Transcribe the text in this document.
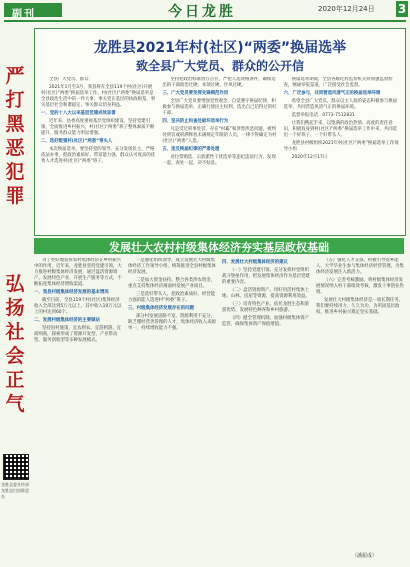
副刊	今日龙胜	2020年12月24日 3
严
打
黑
恶
犯
罪
弘
扬
社
会
正
气
龙胜县委宣传部 龙胜县扫黑除恶办
龙胜县2021年村(社区)“两委”换届选举
致全县广大党员、群众的公开信

全县广大党员、群众：

2021年1月至3月，我县将在全县119个村(社区)开展村(社区)“两委”换届选举工作。村(社区)“两委”换届选举是全县政治生活中的一件大事，事关党在基层的执政根基，事关基层社会和谐稳定，事关群众切身利益。

一、党的十八大以来基层党建成效显著

近年来，县委高度重视基层党组织建设，坚持党建引领，全面推进乡村振兴，村(社区)“两委”班子整体素质不断提升，服务群众能力明显增强。

二、选好配强村(社区)“两委”带头人

本次换届选举，要坚持党的领导、充分发扬民主、严格依法办事，把政治素质好、带富能力强、群众认可度高的优秀人才选进村(社区)“两委”班子。

坚持把政治标准放在首位，严把人选资格条件，确保选出的干部政治过硬、本领过硬、作风过硬。

三、广大党员要发挥先锋模范作用

全县广大党员要增强党性观念，自觉遵守换届纪律，积极参与换届选举，正确行使民主权利，选出自己信得过的好干部。

四、坚决防止和查处破坏选举行为

凡是受过刑事处罚、存在“村霸”和涉黑涉恶问题、被判处刑罚或刑满释放未满规定年限的人员，一律不得确定为村(社区)“两委”人选。

五、违反换届纪律的严肃处理

对拉票贿选、宗族派性干扰选举等违纪违法行为，发现一起、查处一起，决不姑息。

换届选举期间，全县各级纪检监察机关将加强监督检查，畅通举报渠道，广泛接受社会监督。

六、广泛参与，共同营造风清气正的换届选举环境

希望全县广大党员、群众以主人翁的姿态积极参与换届选举，共同营造风清气正的换届环境。

监督举报电话：0773-7512831

让我们携起手来，以饱满的政治热情、高度的责任意识，积极投身到村(社区)“两委”换届选举工作中来，共同选出一个好班子、一个好带头人。

龙胜县村级组织2021年村(社区)“两委”换届选举工作领导小组

2020年12月17日

发展壮大农村村级集体经济夯实基层政权基础

为了更好地发挥农村集体经济在乡村振兴中的作用，近年来，龙胜县坚持党建引领，大力推进村级集体经济发展，通过盘活资源资产、发展特色产业、开展生产服务等方式，不断拓宽集体经济增收渠道。

一、我县村级集体经济发展的基本情况

截至目前，全县119个村(社区)集体经济收入全部达到5万元以上，其中收入10万元以上的村达到60个。

二、发展村级集体经济的主要做法

坚持因村施策，宜农则农、宜游则游、宜商则商，探索形成了资源开发型、产业带动型、服务创收型等多种发展模式。

一是强化组织领导。成立发展壮大村级集体经济工作领导小组，统筹推进全县村级集体经济发展。

二是加大资金扶持。整合各类涉农资金，重点支持集体经济薄弱村发展产业项目。

三是选好带头人。把政治素质好、经营能力强的能人选进村“两委”班子。

三、村级集体经济发展存在的问题

部分村发展思路不宽、资源利用不充分，缺乏懂经营善管理的人才，集体经济收入来源单一，持续增收能力不强。

四、发展壮大村级集体经济的建议

（一）坚持党建引领。充分发挥村党组织战斗堡垒作用，把发展集体经济作为基层党建的重要内容。

（二）盘活资源资产。用好用活村集体土地、山林、房屋等资源，提高资源利用效益。

（三）培育特色产业。依托龙胜生态和旅游优势，发展特色种养和乡村旅游。

（四）健全管理机制。加强村级集体资产监管，确保集体资产保值增值。

（五）强化人才支撑。积极引导返乡能人、大学毕业生参与集体经济经营管理，为集体经济发展注入新活力。

（六）完善考核激励。将村级集体经济发展情况纳入村干部绩效考核，激发干事创业热情。

发展壮大村级集体经济是一项长期任务，我们要持续用力、久久为功，为巩固基层政权、推进乡村振兴奠定坚实基础。

（潘振成）
